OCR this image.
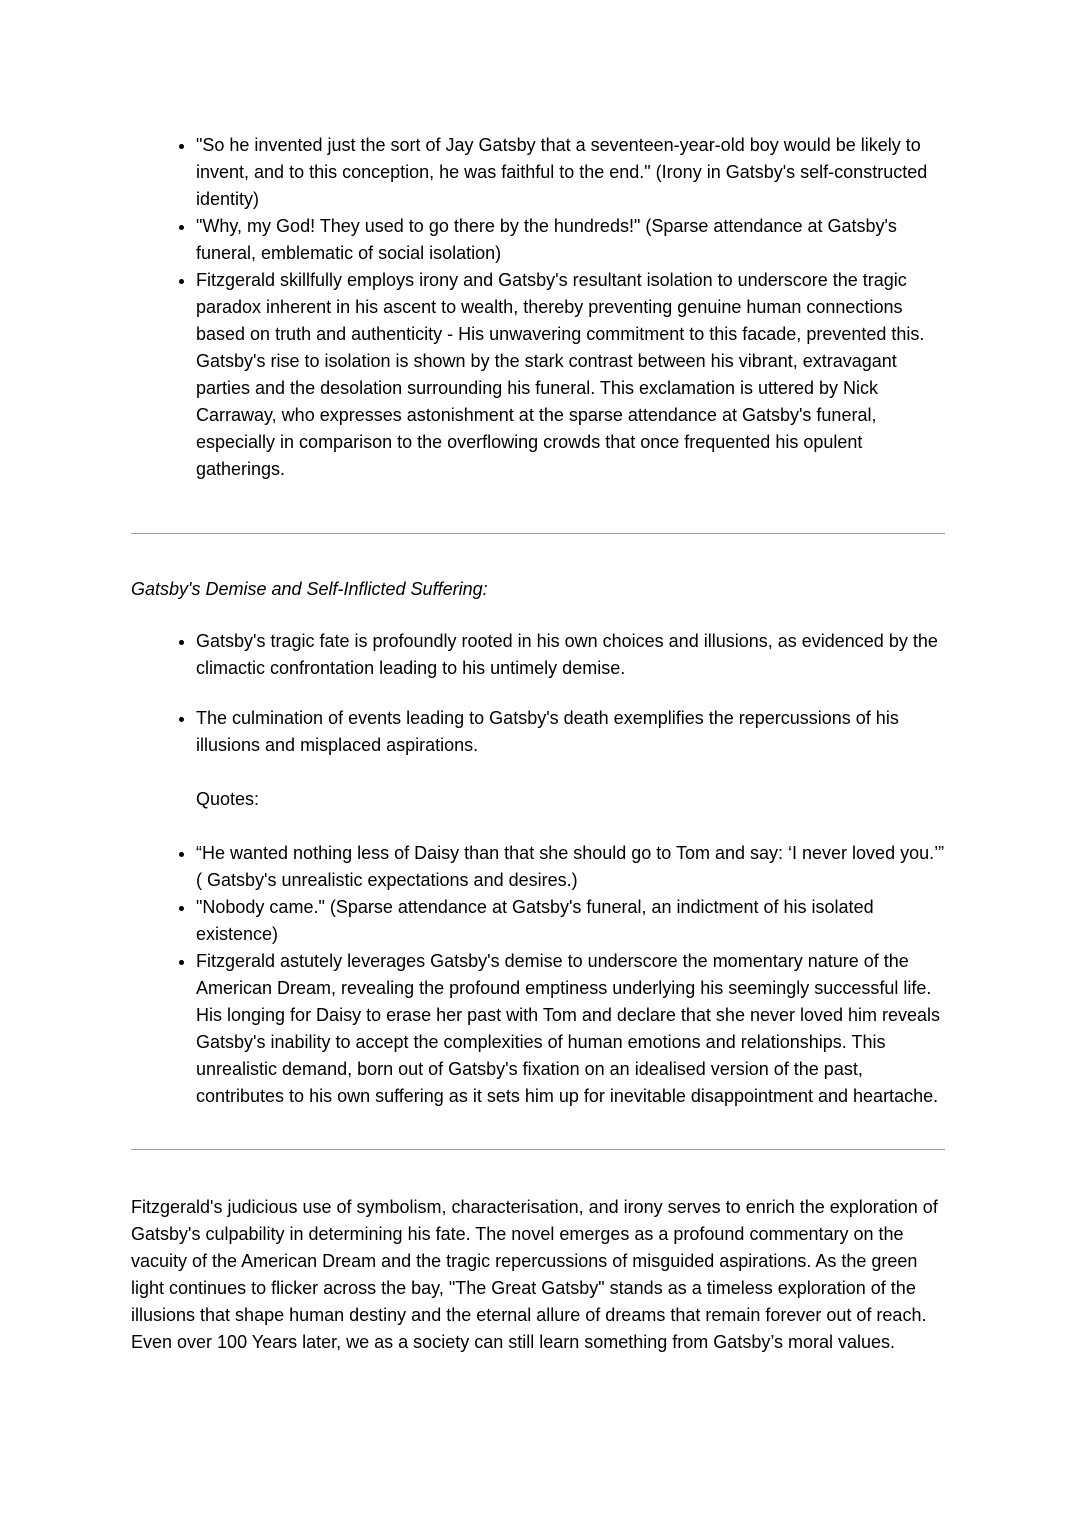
• "So he invented just the sort of Jay Gatsby that a seventeen-year-old boy would be likely to invent, and to this conception, he was faithful to the end." (Irony in Gatsby's self-constructed identity)
• "Why, my God! They used to go there by the hundreds!" (Sparse attendance at Gatsby's funeral, emblematic of social isolation)
• Fitzgerald skillfully employs irony and Gatsby's resultant isolation to underscore the tragic paradox inherent in his ascent to wealth, thereby preventing genuine human connections based on truth and authenticity - His unwavering commitment to this facade, prevented this. Gatsby's rise to isolation is shown by the stark contrast between his vibrant, extravagant parties and the desolation surrounding his funeral. This exclamation is uttered by Nick Carraway, who expresses astonishment at the sparse attendance at Gatsby's funeral, especially in comparison to the overflowing crowds that once frequented his opulent gatherings.
Gatsby's Demise and Self-Inflicted Suffering:
• Gatsby's tragic fate is profoundly rooted in his own choices and illusions, as evidenced by the climactic confrontation leading to his untimely demise.
• The culmination of events leading to Gatsby's death exemplifies the repercussions of his illusions and misplaced aspirations.
Quotes:
• “He wanted nothing less of Daisy than that she should go to Tom and say: ‘I never loved you.’” ( Gatsby's unrealistic expectations and desires.)
• "Nobody came." (Sparse attendance at Gatsby's funeral, an indictment of his isolated existence)
• Fitzgerald astutely leverages Gatsby's demise to underscore the momentary nature of the American Dream, revealing the profound emptiness underlying his seemingly successful life. His longing for Daisy to erase her past with Tom and declare that she never loved him reveals Gatsby's inability to accept the complexities of human emotions and relationships. This unrealistic demand, born out of Gatsby's fixation on an idealised version of the past, contributes to his own suffering as it sets him up for inevitable disappointment and heartache.

Fitzgerald's judicious use of symbolism, characterisation, and irony serves to enrich the exploration of Gatsby's culpability in determining his fate. The novel emerges as a profound commentary on the vacuity of the American Dream and the tragic repercussions of misguided aspirations. As the green light continues to flicker across the bay, "The Great Gatsby" stands as a timeless exploration of the illusions that shape human destiny and the eternal allure of dreams that remain forever out of reach. Even over 100 Years later, we as a society can still learn something from Gatsby’s moral values.
